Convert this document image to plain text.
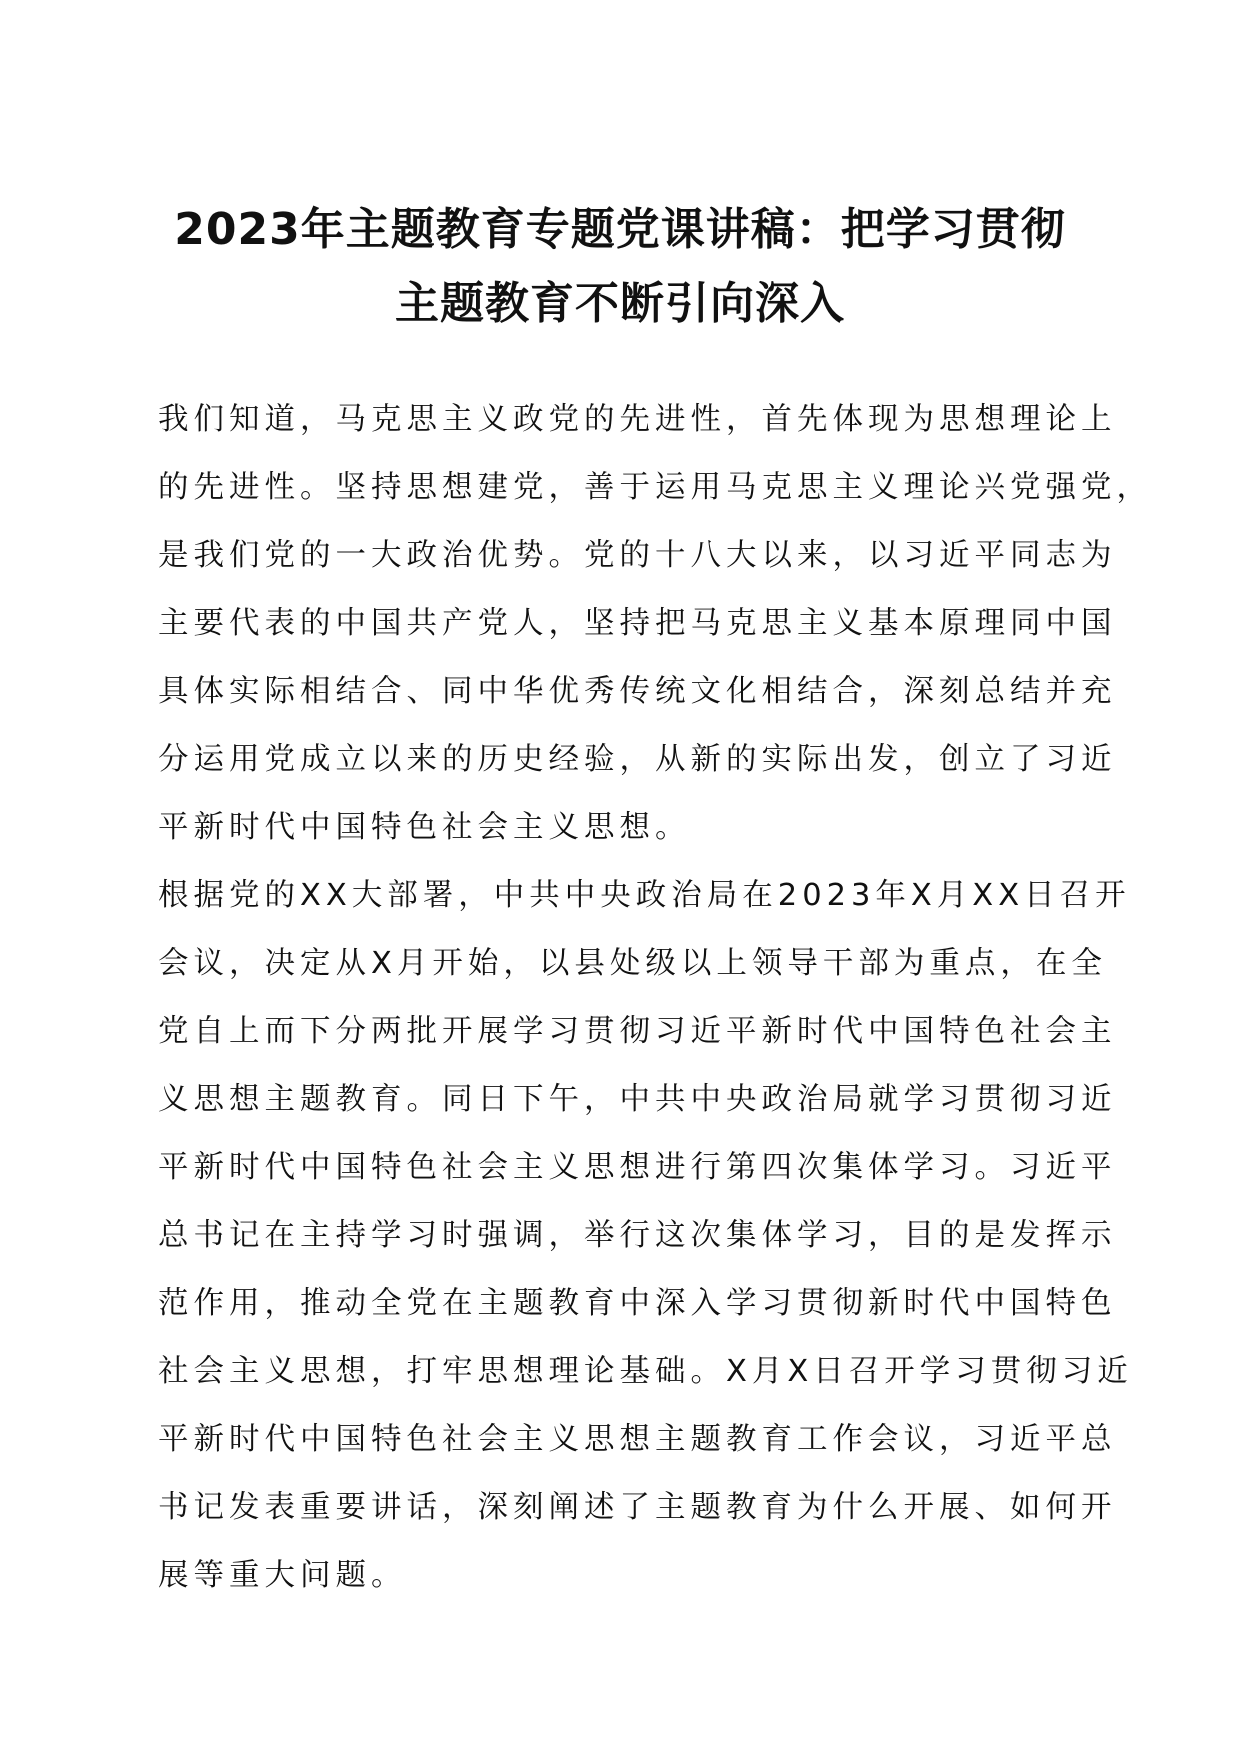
2023年主题教育专题党课讲稿：把学习贯彻
主题教育不断引向深入

我们知道，马克思主义政党的先进性，首先体现为思想理论上
的先进性。坚持思想建党，善于运用马克思主义理论兴党强党，
是我们党的一大政治优势。党的十八大以来，以习近平同志为
主要代表的中国共产党人，坚持把马克思主义基本原理同中国
具体实际相结合、同中华优秀传统文化相结合，深刻总结并充
分运用党成立以来的历史经验，从新的实际出发，创立了习近
平新时代中国特色社会主义思想。

根据党的XX大部署，中共中央政治局在2023年X月XX日召开
会议，决定从X月开始，以县处级以上领导干部为重点，在全
党自上而下分两批开展学习贯彻习近平新时代中国特色社会主
义思想主题教育。同日下午，中共中央政治局就学习贯彻习近
平新时代中国特色社会主义思想进行第四次集体学习。习近平
总书记在主持学习时强调，举行这次集体学习，目的是发挥示
范作用，推动全党在主题教育中深入学习贯彻新时代中国特色
社会主义思想，打牢思想理论基础。X月X日召开学习贯彻习近
平新时代中国特色社会主义思想主题教育工作会议，习近平总
书记发表重要讲话，深刻阐述了主题教育为什么开展、如何开
展等重大问题。
